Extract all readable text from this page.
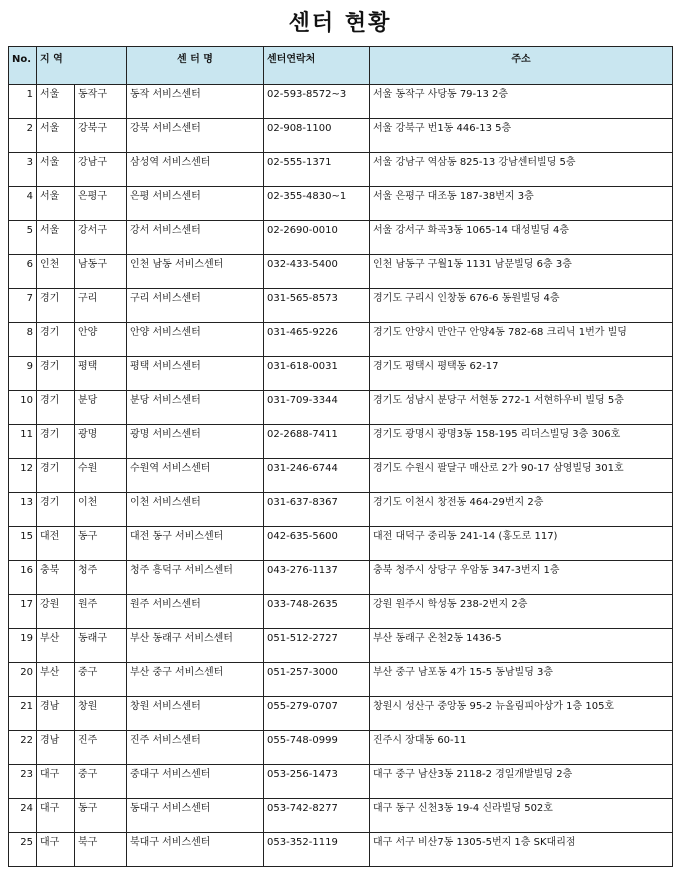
센터 현황
No.	지 역		센 터 명	센터연락처	주소
1	서울	동작구	동작 서비스센터	02-593-8572~3	서울 동작구 사당동 79-13 2층
2	서울	강북구	강북 서비스센터	02-908-1100	서울 강북구 번1동 446-13 5층
3	서울	강남구	삼성역 서비스센터	02-555-1371	서울 강남구 역삼동 825-13 강남센터빌딩 5층
4	서울	은평구	은평 서비스센터	02-355-4830~1	서울 은평구 대조동 187-38번지 3층
5	서울	강서구	강서 서비스센터	02-2690-0010	서울 강서구 화곡3동 1065-14 대성빌딩 4층
6	인천	남동구	인천 남동 서비스센터	032-433-5400	인천 남동구 구월1동 1131 남문빌딩 6층 3층
7	경기	구리	구리 서비스센터	031-565-8573	경기도 구리시 인창동 676-6 동원빌딩 4층
8	경기	안양	안양 서비스센터	031-465-9226	경기도 안양시 만안구 안양4동 782-68 크리닉 1번가 빌딩
9	경기	평택	평택 서비스센터	031-618-0031	경기도 평택시 평택동 62-17
10	경기	분당	분당 서비스센터	031-709-3344	경기도 성남시 분당구 서현동 272-1 서현하우비 빌딩 5층
11	경기	광명	광명 서비스센터	02-2688-7411	경기도 광명시 광명3동 158-195 리더스빌딩 3층 306호
12	경기	수원	수원역 서비스센터	031-246-6744	경기도 수원시 팔달구 매산로 2가 90-17 삼영빌딩 301호
13	경기	이천	이천 서비스센터	031-637-8367	경기도 이천시 창전동 464-29번지 2층
15	대전	동구	대전 동구 서비스센터	042-635-5600	대전 대덕구 중리동 241-14 (홍도로 117)
16	충북	청주	청주 흥덕구 서비스센터	043-276-1137	충북 청주시 상당구 우암동 347-3번지 1층
17	강원	원주	원주 서비스센터	033-748-2635	강원 원주시 학성동 238-2번지 2층
19	부산	동래구	부산 동래구 서비스센터	051-512-2727	부산 동래구 온천2동 1436-5
20	부산	중구	부산 중구 서비스센터	051-257-3000	부산 중구 남포동 4가 15-5 동남빌딩 3층
21	경남	창원	창원 서비스센터	055-279-0707	창원시 성산구 중앙동 95-2 뉴올림피아상가 1층 105호
22	경남	진주	진주 서비스센터	055-748-0999	진주시 장대동 60-11
23	대구	중구	중대구 서비스센터	053-256-1473	대구 중구 남산3동 2118-2 경일개발빌딩 2층
24	대구	동구	동대구 서비스센터	053-742-8277	대구 동구 신천3동 19-4 신라빌딩 502호
25	대구	북구	북대구 서비스센터	053-352-1119	대구 서구 비산7동 1305-5번지 1층 SK대리점
